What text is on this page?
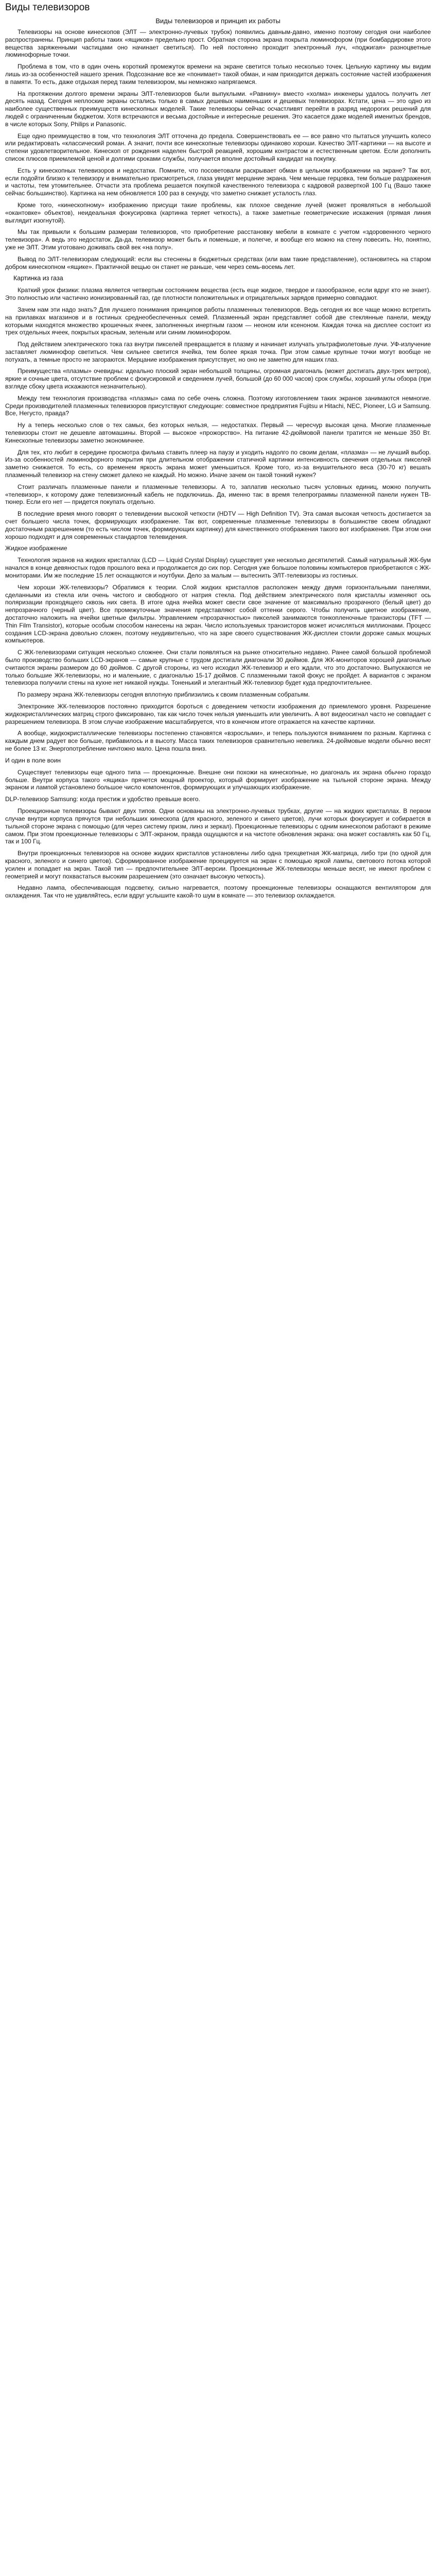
Виды телевизоров
Виды телевизоров и принцип их работы
Телевизоры на основе кинескопов (ЭЛТ — электронно-лучевых трубок) появились давным-давно, именно поэтому сегодня они наиболее распространены. Принцип работы таких «ящиков» предельно прост. Обратная сторона экрана покрыта люминофором (при бомбардировке этого вещества заряженными частицами оно начинает светиться). По ней постоянно проходит электронный луч, «поджигая» разноцветные люминофорные точки.
Проблема в том, что в один очень короткий промежуток времени на экране светится только несколько точек. Цельную картинку мы видим лишь из-за особенностей нашего зрения. Подсознание все же «понимает» такой обман, и нам приходится держать состояние частей изображения в памяти. То есть, даже отдыхая перед таким телевизором, мы немножко напрягаемся.
На протяжении долгого времени экраны ЭЛТ-телевизоров были выпуклыми. «Равнину» вместо «холма» инженеры удалось получить лет десять назад. Сегодня неплоские экраны остались только в самых дешевых наименьших и дешевых телевизорах. Кстати, цена — это одно из наиболее существенных преимуществ кинескопных моделей. Такие телевизоры сейчас осчастливят перейти в разряд недорогих решений для людей с ограниченным бюджетом. Хотя встречаются и весьма достойные и интересные решения. Это касается даже моделей именитых брендов, в числе которых Sony, Philips и Panasonic.
Еще одно преимущество в том, что технология ЭЛТ отточена до предела. Совершенствовать ее — все равно что пытаться улучшить колесо или редактировать «классический роман. А значит, почти все кинескопные телевизоры одинаково хороши. Качество ЭЛТ-картинки — на высоте и степени удовлетворительное. Кинескоп от рождения наделен быстрой реакцией, хорошим контрастом и естественным цветом. Если дополнить список плюсов приемлемой ценой и долгими сроками службы, получается вполне достойный кандидат на покупку.
Есть у кинескопных телевизоров и недостатки. Помните, что посоветовали раскрывает обман в цельном изображении на экране? Так вот, если подойти близко к телевизору и внимательно присмотреться, глаза увидят мерцание экрана. Чем меньше герцовка, тем больше раздражения и частоты, тем утомительнее. Отчасти эта проблема решается покупкой качественного телевизора с кадровой разверткой 100 Гц (Вашо также сейчас большинство). Картинка на нем обновляется 100 раз в секунду, что заметно снижает усталость глаз.
Кроме того, «кинескопному» изображению присущи такие проблемы, как плохое сведение лучей (может проявляться в небольшой «окантовке» объектов), неидеальная фокусировка (картинка теряет четкость), а также заметные геометрические искажения (прямая линия выглядит изогнутой).
Мы так привыкли к большим размерам телевизоров, что приобретение расстановку мебели в комнате с учетом «здоровенного черного телевизора». А ведь это недостаток. Да-да, телевизор может быть и поменьше, и полегче, и вообще его можно на стену повесить. Но, понятно, уже не ЭЛТ. Этим уготовано доживать свой век «на полу».
Вывод по ЭЛТ-телевизорам следующий: если вы стеснены в бюджетных средствах (или вам такие представление), остановитесь на старом добром кинескопном «ящике». Практичной вещью он станет не раньше, чем через семь-восемь лет.
Картинка из газа
Краткий урок физики: плазма является четвертым состоянием вещества (есть еще жидкое, твердое и газообразное, если вдруг кто не знает). Это полностью или частично ионизированный газ, где плотности положительных и отрицательных зарядов примерно совпадают.
Зачем нам эти надо знать? Для лучшего понимания принципов работы плазменных телевизоров. Ведь сегодня их все чаще можно встретить на прилавках магазинов и в гостиных среднеобеспеченных семей. Плазменный экран представляет собой две стеклянные панели, между которыми находятся множество крошечных ячеек, заполненных инертным газом — неоном или ксеноном. Каждая точка на дисплее состоит из трех отдельных ячеек, покрытых красным, зеленым или синим люминофором.
Под действием электрического тока газ внутри пикселей превращается в плазму и начинает излучать ультрафиолетовые лучи. УФ-излучение заставляет люминофор светиться. Чем сильнее светится ячейка, тем более яркая точка. При этом самые крупные точки могут вообще не потухать, а темные просто не загораются. Мерцание изображения присутствует, но оно не заметно для наших глаз.
Преимущества «плазмы» очевидны: идеально плоский экран небольшой толщины, огромная диагональ (может достигать двух-трех метров), яркие и сочные цвета, отсутствие проблем с фокусировкой и сведением лучей, большой (до 60 000 часов) срок службы, хороший углы обзора (при взгляде сбоку цвета искажаются незначительно).
Между тем технология производства «плазмы» сама по себе очень сложна. Поэтому изготовлением таких экранов занимаются немногие. Среди производителей плазменных телевизоров присутствуют следующие: совместное предприятия Fujitsu и Hitachi, NEC, Pioneer, LG и Samsung. Все, Негусто, правда?
Ну а теперь несколько слов о тех самых, без которых нельзя, — недостатках. Первый — чересчур высокая цена. Многие плазменные телевизоры стоит не дешевле автомашины. Второй — высокое «прожорство». На питание 42-дюймовой панели тратится не меньше 350 Вт. Кинескопные телевизоры заметно экономичнее.
Для тех, кто любит в середине просмотра фильма ставить плеер на паузу и уходить надолго по своим делам, «плазма» — не лучший выбор. Из-за особенностей люминофорного покрытия при длительном отображении статичной картинки интенсивность свечения отдельных пикселей заметно снижается. То есть, со временем яркость экрана может уменьшиться. Кроме того, из-за внушительного веса (30-70 кг) вешать плазменный телевизор на стену сможет далеко не каждый. Но можно. Иначе зачем он такой тонкий нужен?
Стоит различать плазменные панели и плазменные телевизоры. А то, заплатив несколько тысяч условных единиц, можно получить «телевизор», к которому даже телевизионный кабель не подключишь. Да, именно так: в время телепрограммы плазменной панели нужен ТВ-тюнер. Если его нет — придется покупать отдельно.
В последние время много говорят о телевидении высокой четкости (HDTV — High Definition TV). Эта самая высокая четкость достигается за счет большего числа точек, формирующих изображение. Так вот, современные плазменные телевизоры в большинстве своем обладают достаточным разрешением (то есть числом точек, формирующих картинку) для качественного отображения такого вот изображения. При этом они хорошо подходят и для современных стандартов телевидения.
Жидкое изображение
Технология экранов на жидких кристаллах (LCD — Liquid Crystal Display) существует уже несколько десятилетий. Самый натуральный ЖК-бум начался в конце девяностых годов прошлого века и продолжается до сих пор. Сегодня уже большое половины компьютеров приобретаются с ЖК-мониторами. Им же последние 15 лет оснащаются и ноутбуки. Дело за малым — вытеснить ЭЛТ-телевизоры из гостиных.
Чем хороши ЖК-телевизоры? Обратимся к теории. Слой жидких кристаллов расположен между двумя горизонтальными панелями, сделанными из стекла или очень чистого и свободного от натрия стекла. Под действием электрического поля кристаллы изменяют ось поляризации проходящего сквозь них света. В итоге одна ячейка может свести свое значение от максимально прозрачного (белый цвет) до непрозрачного (черный цвет). Все промежуточные значения представляют собой оттенки серого. Чтобы получить цветное изображение, достаточно наложить на ячейки цветные фильтры. Управлением «прозрачностью» пикселей занимаются тонкопленочные транзисторы (TFT — Thin Film Transistor), которые особым способом нанесены на экран. Число используемых транзисторов может исчисляться миллионами. Процесс создания LCD-экрана довольно сложен, поэтому неудивительно, что на заре своего существования ЖК-дисплеи стоили дороже самых мощных компьютеров.
С ЖК-телевизорами ситуация несколько сложнее. Они стали появляться на рынке относительно недавно. Ранее самой большой проблемой было производство больших LCD-экранов — самые крупные с трудом достигали диагонали 30 дюймов. Для ЖК-мониторов хорошей диагональю считаются экраны размером до 60 дюймов. С другой стороны, из чего исходил ЖК-телевизор и его ждали, что это достаточно. Выпускаются не только большие ЖК-телевизоры, но и маленькие, с диагональю 15-17 дюймов. С плазменными такой фокус не пройдет. А вариантов с экраном телевизора получили стены на кухне нет никакой нужды. Тоненький и элегантный ЖК-телевизор будет куда предпочтительнее.
По размеру экрана ЖК-телевизоры сегодня вплотную приблизились к своим плазменным собратьям.
Электронике ЖК-телевизоров постоянно приходится бороться с доведением четкости изображения до приемлемого уровня. Разрешение жидкокристаллических матриц строго фиксировано, так как число точек нельзя уменьшить или увеличить. А вот видеосигнал часто не совпадает с разрешением телевизора. В этом случае изображение масштабируется, что в конечном итоге отражается на качестве картинки.
А вообще, жидкокристаллические телевизоры постепенно становятся «взрослыми», и теперь пользуются вниманием по разным. Картинка с каждым днем радует все больше, прибавилось и в высоту. Масса таких телевизоров сравнительно невелика. 24-дюймовые модели обычно весят не более 13 кг. Энергопотребление ничтожно мало. Цена пошла вниз.
И один в поле воин
Существует телевизоры еще одного типа — проекционные. Внешне они похожи на кинескопные, но диагональ их экрана обычно гораздо больше. Внутри корпуса такого «ящика» прячется мощный проектор, который формирует изображение на тыльной стороне экрана. Между экраном и лампой установлено большое число компонентов, формирующих и улучшающих изображение.
DLP-телевизор Samsung: когда престиж и удобство превыше всего.
Проекционные телевизоры бывают двух типов. Одни основаны на электронно-лучевых трубках, другие — на жидких кристаллах. В первом случае внутри корпуса прячутся три небольших кинескопа (для красного, зеленого и синего цветов), лучи которых фокусирует и собирается в тыльной стороне экрана с помощью (для через систему призм, линз и зеркал). Проекционные телевизоры с одним кинескопом работают в режиме самом. При этом проекционные телевизоры с ЭЛТ-экраном, правда ощущаются и на чистоте обновления экрана: она может составлять как 50 Гц, так и 100 Гц.
Внутри проекционных телевизоров на основе жидких кристаллов установлены либо одна трехцветная ЖК-матрица, либо три (по одной для красного, зеленого и синего цветов). Сформированное изображение проецируется на экран с помощью яркой лампы, светового потока которой усилен и попадает на экран. Такой тип — предпочтительнее ЭЛТ-версии. Проекционные ЖК-телевизоры меньше весят, не имеют проблем с геометрией и могут похвастаться высоким разрешением (это означает высокую четкость).
Недавно лампа, обеспечивающая подсветку, сильно нагревается, поэтому проекционные телевизоры оснащаются вентилятором для охлаждения. Так что не удивляйтесь, если вдруг услышите какой-то шум в комнате — это телевизор охлаждается.
